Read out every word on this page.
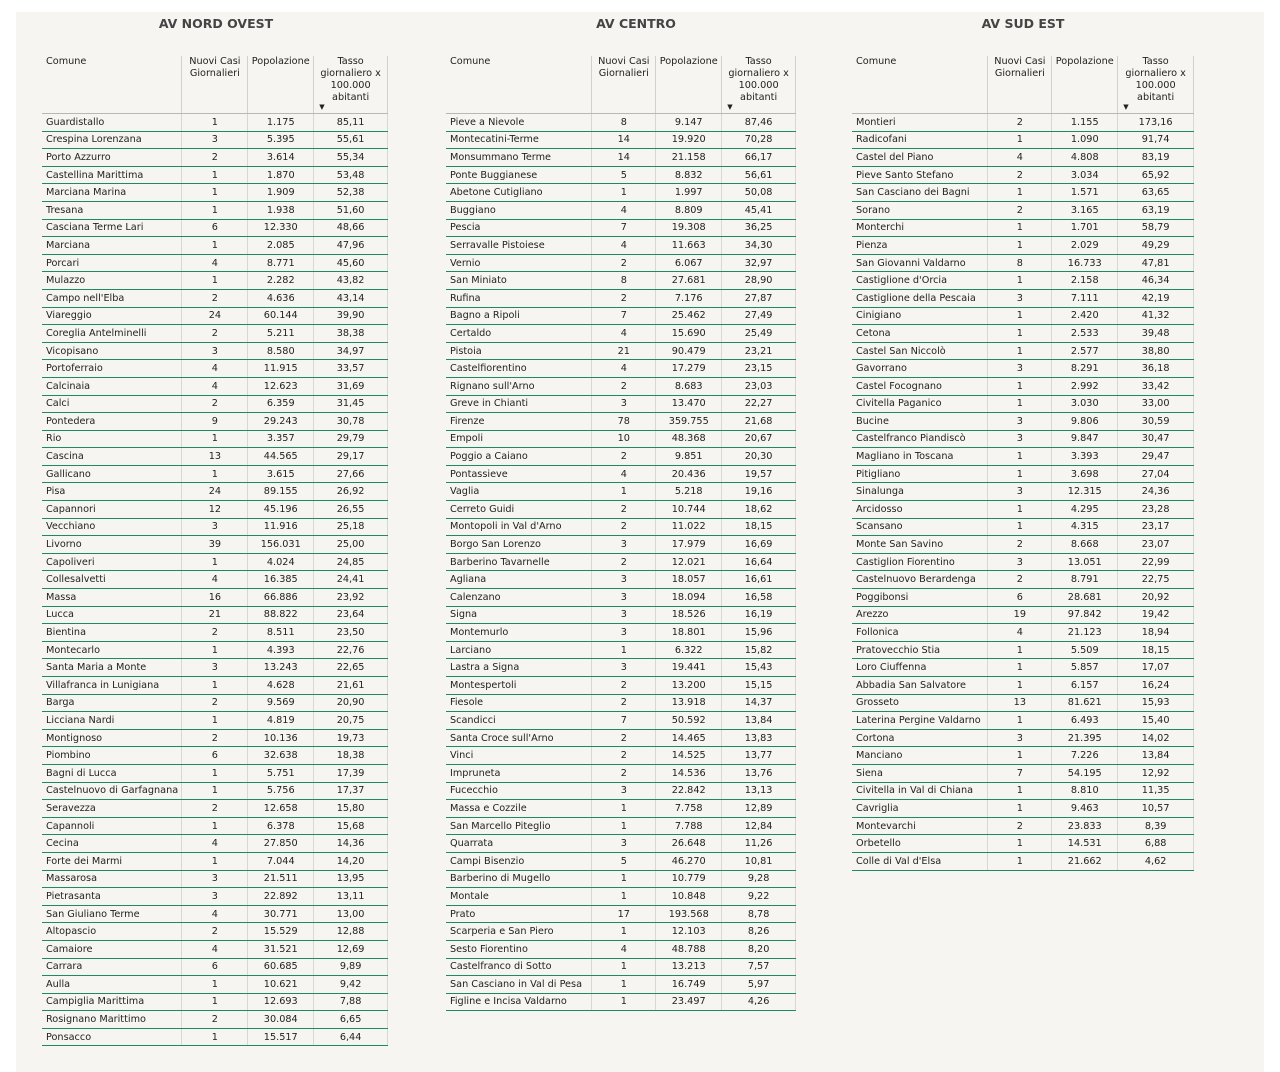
AV NORD OVEST
Comune	Nuovi Casi Giornalieri	Popolazione	Tasso giornaliero x 100.000 abitanti
▼

Guardistallo	1	1.175	85,11
Crespina Lorenzana	3	5.395	55,61
Porto Azzurro	2	3.614	55,34
Castellina Marittima	1	1.870	53,48
Marciana Marina	1	1.909	52,38
Tresana	1	1.938	51,60
Casciana Terme Lari	6	12.330	48,66
Marciana	1	2.085	47,96
Porcari	4	8.771	45,60
Mulazzo	1	2.282	43,82
Campo nell'Elba	2	4.636	43,14
Viareggio	24	60.144	39,90
Coreglia Antelminelli	2	5.211	38,38
Vicopisano	3	8.580	34,97
Portoferraio	4	11.915	33,57
Calcinaia	4	12.623	31,69
Calci	2	6.359	31,45
Pontedera	9	29.243	30,78
Rio	1	3.357	29,79
Cascina	13	44.565	29,17
Gallicano	1	3.615	27,66
Pisa	24	89.155	26,92
Capannori	12	45.196	26,55
Vecchiano	3	11.916	25,18
Livorno	39	156.031	25,00
Capoliveri	1	4.024	24,85
Collesalvetti	4	16.385	24,41
Massa	16	66.886	23,92
Lucca	21	88.822	23,64
Bientina	2	8.511	23,50
Montecarlo	1	4.393	22,76
Santa Maria a Monte	3	13.243	22,65
Villafranca in Lunigiana	1	4.628	21,61
Barga	2	9.569	20,90
Licciana Nardi	1	4.819	20,75
Montignoso	2	10.136	19,73
Piombino	6	32.638	18,38
Bagni di Lucca	1	5.751	17,39
Castelnuovo di Garfagnana	1	5.756	17,37
Seravezza	2	12.658	15,80
Capannoli	1	6.378	15,68
Cecina	4	27.850	14,36
Forte dei Marmi	1	7.044	14,20
Massarosa	3	21.511	13,95
Pietrasanta	3	22.892	13,11
San Giuliano Terme	4	30.771	13,00
Altopascio	2	15.529	12,88
Camaiore	4	31.521	12,69
Carrara	6	60.685	9,89
Aulla	1	10.621	9,42
Campiglia Marittima	1	12.693	7,88
Rosignano Marittimo	2	30.084	6,65
Ponsacco	1	15.517	6,44
AV CENTRO
Comune	Nuovi Casi Giornalieri	Popolazione	Tasso giornaliero x 100.000 abitanti
▼

Pieve a Nievole	8	9.147	87,46
Montecatini-Terme	14	19.920	70,28
Monsummano Terme	14	21.158	66,17
Ponte Buggianese	5	8.832	56,61
Abetone Cutigliano	1	1.997	50,08
Buggiano	4	8.809	45,41
Pescia	7	19.308	36,25
Serravalle Pistoiese	4	11.663	34,30
Vernio	2	6.067	32,97
San Miniato	8	27.681	28,90
Rufina	2	7.176	27,87
Bagno a Ripoli	7	25.462	27,49
Certaldo	4	15.690	25,49
Pistoia	21	90.479	23,21
Castelfiorentino	4	17.279	23,15
Rignano sull'Arno	2	8.683	23,03
Greve in Chianti	3	13.470	22,27
Firenze	78	359.755	21,68
Empoli	10	48.368	20,67
Poggio a Caiano	2	9.851	20,30
Pontassieve	4	20.436	19,57
Vaglia	1	5.218	19,16
Cerreto Guidi	2	10.744	18,62
Montopoli in Val d'Arno	2	11.022	18,15
Borgo San Lorenzo	3	17.979	16,69
Barberino Tavarnelle	2	12.021	16,64
Agliana	3	18.057	16,61
Calenzano	3	18.094	16,58
Signa	3	18.526	16,19
Montemurlo	3	18.801	15,96
Larciano	1	6.322	15,82
Lastra a Signa	3	19.441	15,43
Montespertoli	2	13.200	15,15
Fiesole	2	13.918	14,37
Scandicci	7	50.592	13,84
Santa Croce sull'Arno	2	14.465	13,83
Vinci	2	14.525	13,77
Impruneta	2	14.536	13,76
Fucecchio	3	22.842	13,13
Massa e Cozzile	1	7.758	12,89
San Marcello Piteglio	1	7.788	12,84
Quarrata	3	26.648	11,26
Campi Bisenzio	5	46.270	10,81
Barberino di Mugello	1	10.779	9,28
Montale	1	10.848	9,22
Prato	17	193.568	8,78
Scarperia e San Piero	1	12.103	8,26
Sesto Fiorentino	4	48.788	8,20
Castelfranco di Sotto	1	13.213	7,57
San Casciano in Val di Pesa	1	16.749	5,97
Figline e Incisa Valdarno	1	23.497	4,26
AV SUD EST
Comune	Nuovi Casi Giornalieri	Popolazione	Tasso giornaliero x 100.000 abitanti
▼

Montieri	2	1.155	173,16
Radicofani	1	1.090	91,74
Castel del Piano	4	4.808	83,19
Pieve Santo Stefano	2	3.034	65,92
San Casciano dei Bagni	1	1.571	63,65
Sorano	2	3.165	63,19
Monterchi	1	1.701	58,79
Pienza	1	2.029	49,29
San Giovanni Valdarno	8	16.733	47,81
Castiglione d'Orcia	1	2.158	46,34
Castiglione della Pescaia	3	7.111	42,19
Cinigiano	1	2.420	41,32
Cetona	1	2.533	39,48
Castel San Niccolò	1	2.577	38,80
Gavorrano	3	8.291	36,18
Castel Focognano	1	2.992	33,42
Civitella Paganico	1	3.030	33,00
Bucine	3	9.806	30,59
Castelfranco Piandiscò	3	9.847	30,47
Magliano in Toscana	1	3.393	29,47
Pitigliano	1	3.698	27,04
Sinalunga	3	12.315	24,36
Arcidosso	1	4.295	23,28
Scansano	1	4.315	23,17
Monte San Savino	2	8.668	23,07
Castiglion Fiorentino	3	13.051	22,99
Castelnuovo Berardenga	2	8.791	22,75
Poggibonsi	6	28.681	20,92
Arezzo	19	97.842	19,42
Follonica	4	21.123	18,94
Pratovecchio Stia	1	5.509	18,15
Loro Ciuffenna	1	5.857	17,07
Abbadia San Salvatore	1	6.157	16,24
Grosseto	13	81.621	15,93
Laterina Pergine Valdarno	1	6.493	15,40
Cortona	3	21.395	14,02
Manciano	1	7.226	13,84
Siena	7	54.195	12,92
Civitella in Val di Chiana	1	8.810	11,35
Cavriglia	1	9.463	10,57
Montevarchi	2	23.833	8,39
Orbetello	1	14.531	6,88
Colle di Val d'Elsa	1	21.662	4,62
